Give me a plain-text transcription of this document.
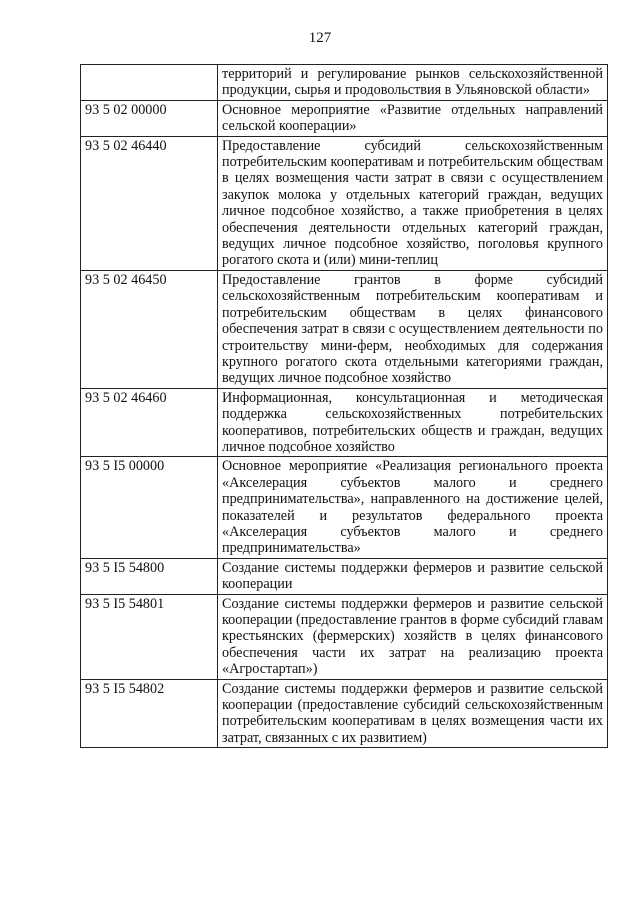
127
	территорий и регулирование рынков сельскохозяйственной продукции, сырья и продовольствия в Ульяновской области»
93 5 02 00000	Основное мероприятие «Развитие отдельных направлений сельской кооперации»
93 5 02 46440	Предоставление субсидий сельскохозяйственным потребительским кооперативам и потребительским обществам в целях возмещения части затрат в связи с осуществлением закупок молока у отдельных категорий граждан, ведущих личное подсобное хозяйство, а также приобретения в целях обеспечения деятельности отдельных категорий граждан, ведущих личное подсобное хозяйство, поголовья крупного рогатого скота и (или) мини-теплиц
93 5 02 46450	Предоставление грантов в форме субсидий сельскохозяйственным потребительским кооперативам и потребительским обществам в целях финансового обеспечения затрат в связи с осуществлением деятельности по строительству мини-ферм, необходимых для содержания крупного рогатого скота отдельными категориями граждан, ведущих личное подсобное хозяйство
93 5 02 46460	Информационная, консультационная и методическая поддержка сельскохозяйственных потребительских кооперативов, потребительских обществ и граждан, ведущих личное подсобное хозяйство
93 5 I5 00000	Основное мероприятие «Реализация регионального проекта «Акселерация субъектов малого и среднего предпринимательства», направленного на достижение целей, показателей и результатов федерального проекта «Акселерация субъектов малого и среднего предпринимательства»
93 5 I5 54800	Создание системы поддержки фермеров и развитие сельской кооперации
93 5 I5 54801	Создание системы поддержки фермеров и развитие сельской кооперации (предоставление грантов в форме субсидий главам крестьянских (фермерских) хозяйств в целях финансового обеспечения части их затрат на реализацию проекта «Агростартап»)
93 5 I5 54802	Создание системы поддержки фермеров и развитие сельской кооперации (предоставление субсидий сельскохозяйственным потребительским кооперативам в целях возмещения части их затрат, связанных с их развитием)
